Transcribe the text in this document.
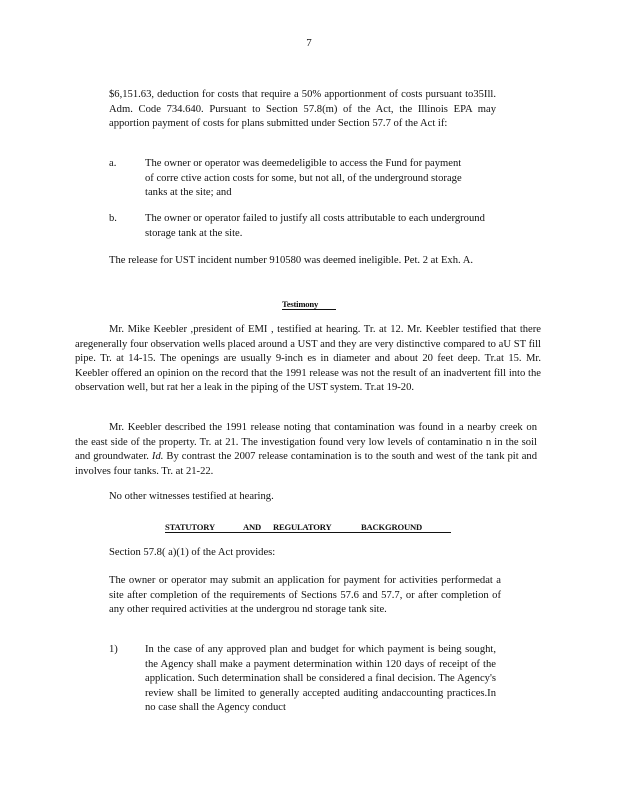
7

$6,151.63, deduction for costs that require a 50% apportionment of costs pursuant to35Ill. Adm. Code 734.640. Pursuant to Section 57.8(m) of the Act, the Illinois EPA may apportion payment of costs for plans submitted under Section 57.7 of the Act if:

a.	The owner or operator was deemedeligible to access the Fund for payment of corre ctive action costs for some, but not all, of the underground storage tanks at the site; and

b.	The owner or operator failed to justify all costs attributable to each underground storage tank at the site.

The release for UST incident number 910580 was deemed ineligible. Pet. 2 at Exh. A.

Testimony

Mr. Mike Keebler ,president of EMI , testified at hearing. Tr. at 12. Mr. Keebler testified that there aregenerally four observation wells placed around a UST and they are very distinctive compared to aU ST fill pipe. Tr. at 14-15. The openings are usually 9-inch es in diameter and about 20 feet deep. Tr.at 15. Mr. Keebler offered an opinion on the record that the 1991 release was not the result of an inadvertent fill into the observation well, but rat her a leak in the piping of the UST system. Tr.at 19-20.

Mr. Keebler described the 1991 release noting that contamination was found in a nearby creek on the east side of the property. Tr. at 21. The investigation found very low levels of contaminatio n in the soil and groundwater. Id. By contrast the 2007 release contamination is to the south and west of the tank pit and involves four tanks. Tr. at 21-22.

No other witnesses testified at hearing.

STATUTORY	AND REGULATORY	BACKGROUND

Section 57.8( a)(1) of the Act provides:

The owner or operator may submit an application for payment for activities performedat a site after completion of the requirements of Sections 57.6 and 57.7, or after completion of any other required activities at the undergrou nd storage tank site.

1)	In the case of any approved plan and budget for which payment is being sought, the Agency shall make a payment determination within 120 days of receipt of the application. Such determination shall be considered a final decision. The Agency's review shall be limited to generally accepted auditing andaccounting practices.In no case shall the Agency conduct
